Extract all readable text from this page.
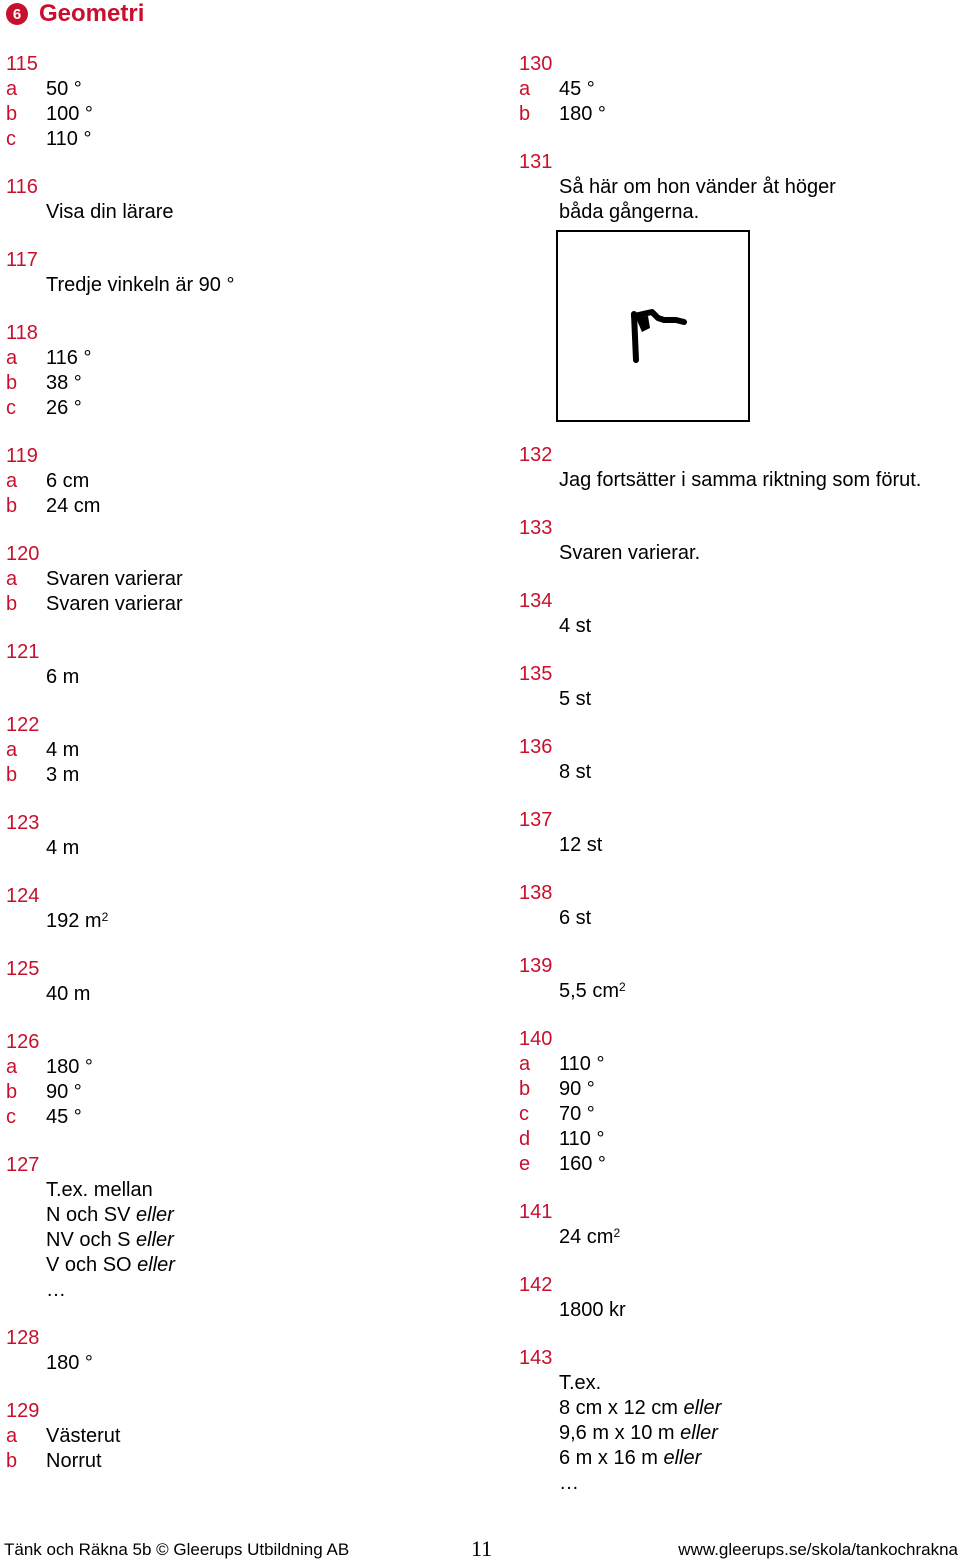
6 Geometri
115
a	50 °
b	100 °
c	110 °
116
Visa din lärare
117
Tredje vinkeln är 90 °
118
a	116 °
b	38 °
c	26 °
119
a	6 cm
b	24 cm
120
a	Svaren varierar
b	Svaren varierar
121
6 m
122
a	4 m
b	3 m
123
4 m
124
192 $m^2$
125
40 m
126
a	180 °
b	90 °
c	45 °
127
T.ex. mellan
N och SV eller
NV och S eller
V och SO eller
…
128
180 °
129
a	Västerut
b	Norrut
130
a	45 °
b	180 °
131
Så här om hon vänder åt höger
båda gångerna.
132
Jag fortsätter i samma riktning som förut.
133
Svaren varierar.
134
4 st
135
5 st
136
8 st
137
12 st
138
6 st
139
5,5 $cm^2$
140
a	110 °
b	90 °
c	70 °
d	110 °
e	160 °
141
24 $cm^2$
142
1800 kr
143
T.ex.
8 cm x 12 cm eller
9,6 m x 10 m eller
6 m x 16 m eller
…
Tänk och Räkna 5b © Gleerups Utbildning AB	11	www.gleerups.se/skola/tankochrakna
